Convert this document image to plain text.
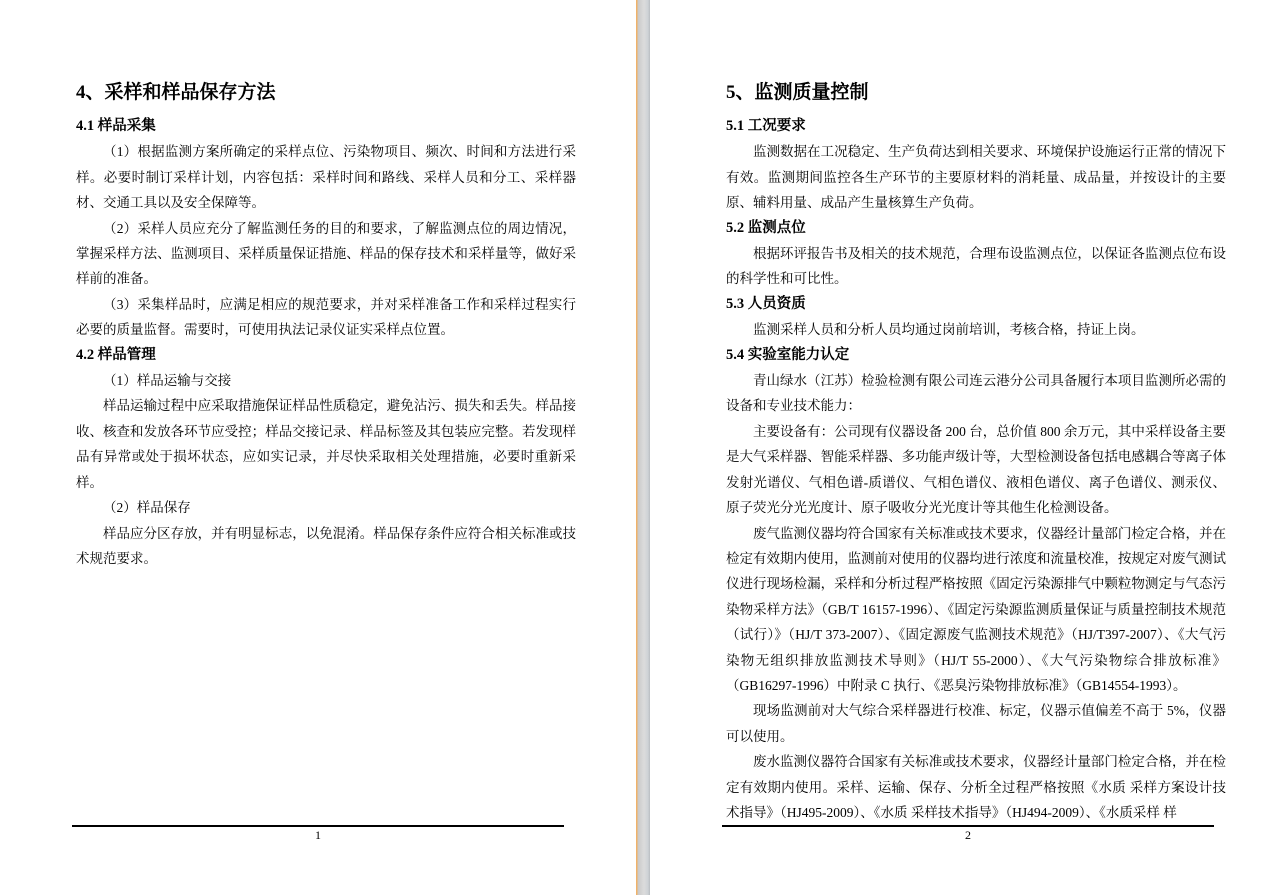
4、采样和样品保存方法
4.1 样品采集

（1）根据监测方案所确定的采样点位、污染物项目、频次、时间和方法进行采样。必要时制订采样计划，内容包括：采样时间和路线、采样人员和分工、采样器材、交通工具以及安全保障等。

（2）采样人员应充分了解监测任务的目的和要求，了解监测点位的周边情况，掌握采样方法、监测项目、采样质量保证措施、样品的保存技术和采样量等，做好采样前的准备。

（3）采集样品时，应满足相应的规范要求，并对采样准备工作和采样过程实行必要的质量监督。需要时，可使用执法记录仪证实采样点位置。

4.2 样品管理

（1）样品运输与交接

样品运输过程中应采取措施保证样品性质稳定，避免沾污、损失和丢失。样品接收、核查和发放各环节应受控；样品交接记录、样品标签及其包装应完整。若发现样品有异常或处于损坏状态，应如实记录，并尽快采取相关处理措施，必要时重新采样。

（2）样品保存

样品应分区存放，并有明显标志，以免混淆。样品保存条件应符合相关标准或技术规范要求。

1
5、监测质量控制
5.1 工况要求

监测数据在工况稳定、生产负荷达到相关要求、环境保护设施运行正常的情况下有效。监测期间监控各生产环节的主要原材料的消耗量、成品量，并按设计的主要原、辅料用量、成品产生量核算生产负荷。

5.2 监测点位

根据环评报告书及相关的技术规范，合理布设监测点位，以保证各监测点位布设的科学性和可比性。

5.3 人员资质

监测采样人员和分析人员均通过岗前培训，考核合格，持证上岗。

5.4 实验室能力认定

青山绿水（江苏）检验检测有限公司连云港分公司具备履行本项目监测所必需的设备和专业技术能力：

主要设备有：公司现有仪器设备 200 台，总价值 800 余万元，其中采样设备主要是大气采样器、智能采样器、多功能声级计等，大型检测设备包括电感耦合等离子体发射光谱仪、气相色谱-质谱仪、气相色谱仪、液相色谱仪、离子色谱仪、测汞仪、原子荧光分光光度计、原子吸收分光光度计等其他生化检测设备。

废气监测仪器均符合国家有关标准或技术要求，仪器经计量部门检定合格，并在检定有效期内使用，监测前对使用的仪器均进行浓度和流量校准，按规定对废气测试仪进行现场检漏，采样和分析过程严格按照《固定污染源排气中颗粒物测定与气态污染物采样方法》（GB/T 16157-1996）、《固定污染源监测质量保证与质量控制技术规范（试行）》（HJ/T 373-2007）、《固定源废气监测技术规范》（HJ/T397-2007）、《大气污染物无组织排放监测技术导则》（HJ/T 55-2000）、《大气污染物综合排放标准》（GB16297-1996）中附录 C 执行、《恶臭污染物排放标准》（GB14554-1993）。

现场监测前对大气综合采样器进行校准、标定，仪器示值偏差不高于 5%，仪器可以使用。

废水监测仪器符合国家有关标准或技术要求，仪器经计量部门检定合格，并在检定有效期内使用。采样、运输、保存、分析全过程严格按照《水质 采样方案设计技术指导》（HJ495-2009）、《水质 采样技术指导》（HJ494-2009）、《水质采样 样

2
